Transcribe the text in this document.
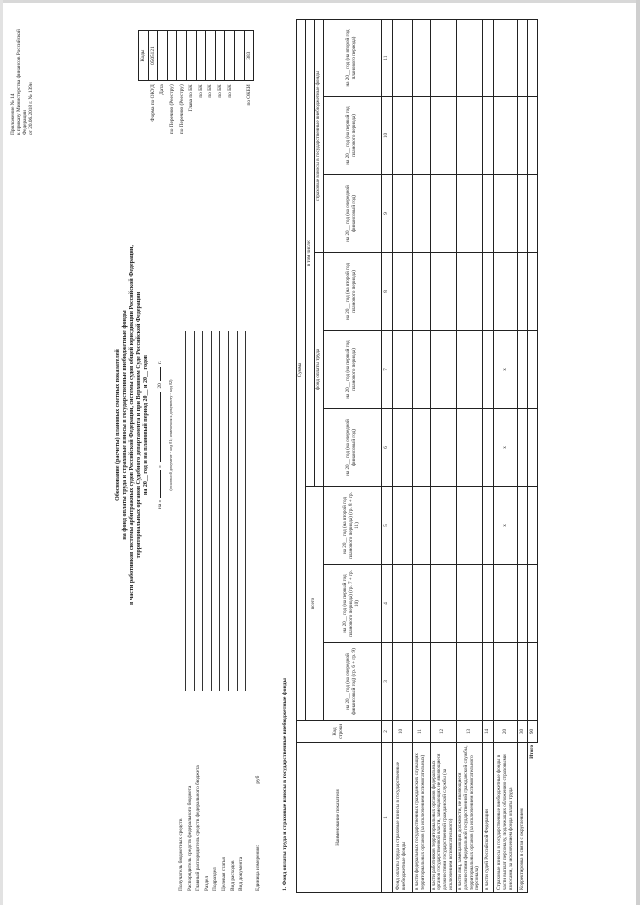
Приложение № 14 к приказу Министерства финансов Российской Федерации от 20.06.2018 г. № 139н
Обоснование (расчеты) плановых сметных показателей на фонд оплаты труда и страховые взносы в государственные внебюджетные фонды в части работников системы арбитражных судов Российской Федерации, системы судов общей юрисдикции Российской Федерации, территориальных органов Судебного департамента и при Верховном Суде Российской Федерации на 20__ год и на плановый период 20__ и 20__ годов
на «»  20 г.
(основной документ - код 01; изменения к документу - код 02)
Получатель бюджетных средств Распорядитель средств федерального бюджета Главный распорядитель средств федерального бюджета Раздел Подраздел Целевая статья Вид расходов Вид документа
	Коды
Форма по ОКУД	0505121
Дата	
по Перечню (Реестру)	
по Перечню (Реестру)	
Глава по БК	
по БК	
по БК	
по БК	
по БК	

по ОКЕИ	383
Единица измерения: руб	1. Фонд оплаты труда и страховые взносы в государственные внебюджетные фонды	Наименование показателя	Код строки	Сумма								
		всего			в том числе:					
					фонд оплаты труда			страховые взносы в государственные внебюджетные фонды		
		на 20__ год (на очередной финансовый год) (гр. 6 + гр. 9)	на 20__ год (на первый год планового периода) (гр. 7 + гр. 10)	на 20__ год (на второй год планового периода) (гр. 8 + гр. 11)	на 20__ год (на очередной финансовый год)	на 20__ год (на первый год планового периода)	на 20__ год (на второй год планового периода)	на 20__ год (на очередной финансовый год)	на 20__ год (на первый год планового периода)	на 20__ год (на второй год планового периода)
1	2	3	4	5	6	7	8	9	10	11
Фонд оплаты труда и страховые взносы в государственные внебюджетные фонды	10									
в части федеральных государственных гражданских служащих территориальных органов (за исключением вспомогательных)	11									
в части работников территориальных органов федеральных органов государственной власти, замещающих не являющиеся должностями государственной гражданской службы (за исключением вспомогательного)	12									
в части лиц, замещающих должности, не являющиеся должностями федеральной государственной гражданской службы, территориальных органов (за исключением вспомогательного персонала)	13									
в части судей Российской Федерации	14									
Страховые взносы в государственные внебюджетные фонды в части выплат персоналу, подлежащих обложению страховыми взносами, за исключением фонда оплаты труда	20			x	x	x				
Корректировка в связи с округлением	30									
Итого	90									
